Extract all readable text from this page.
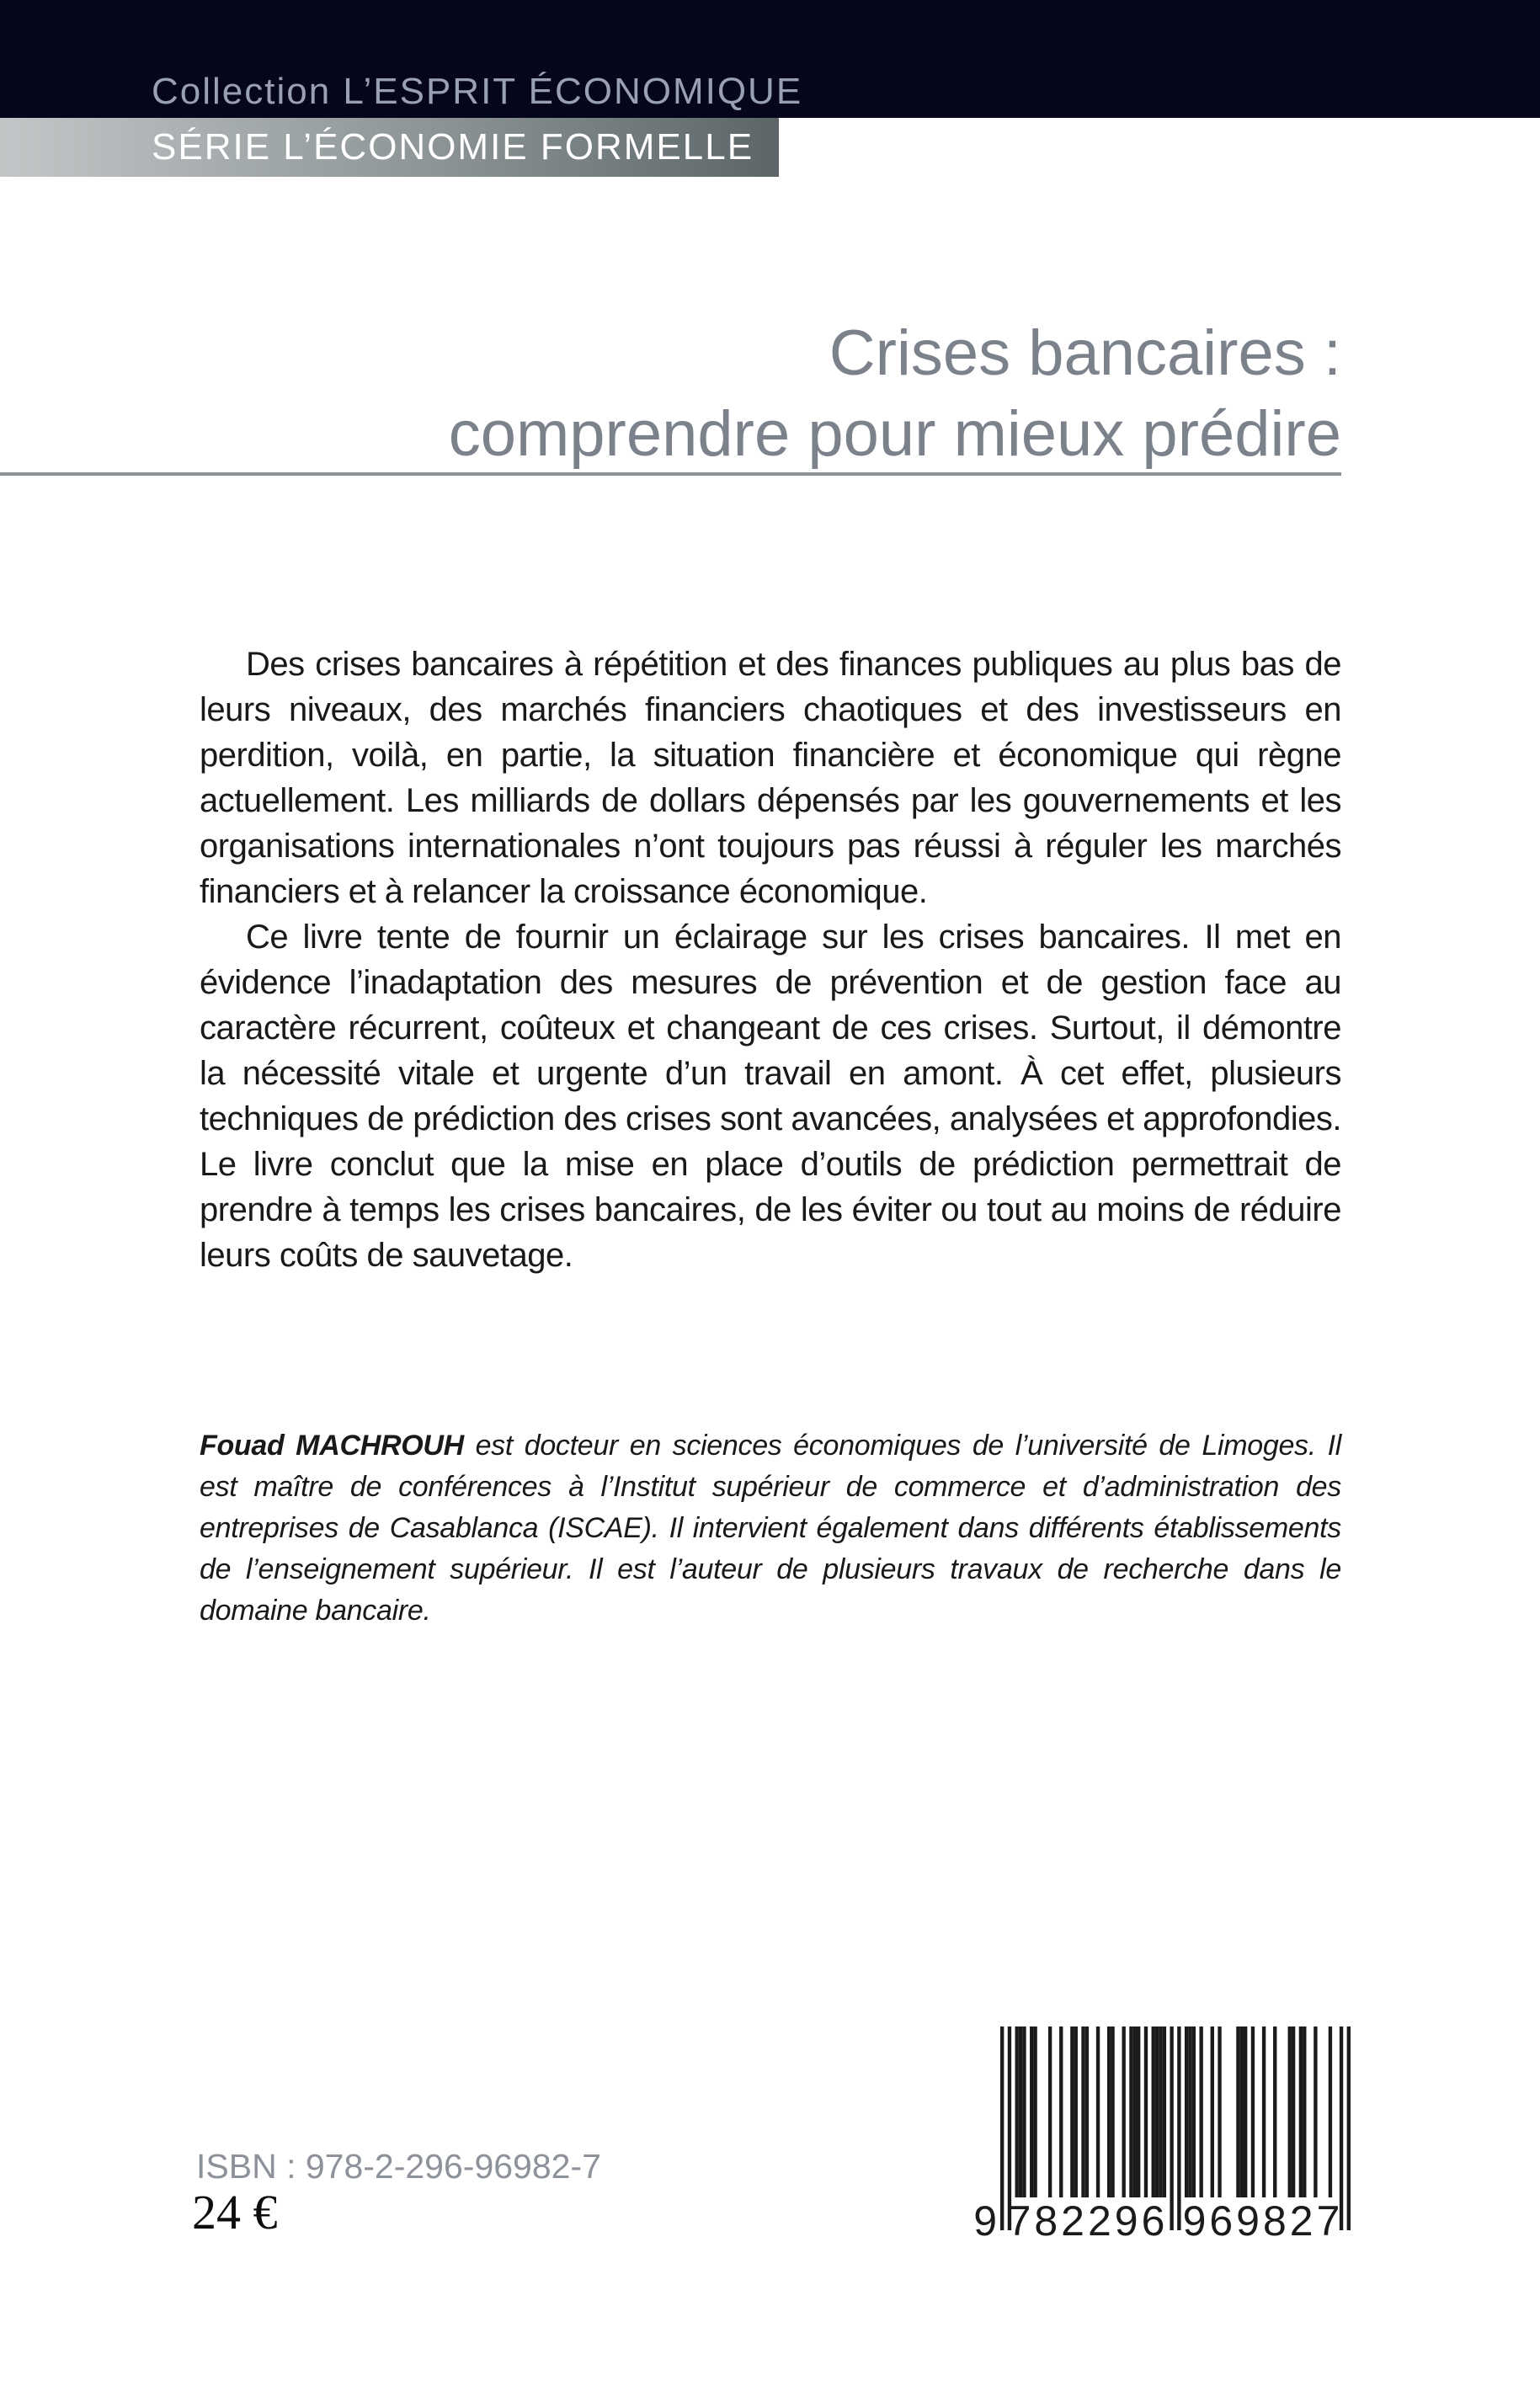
Collection L’ESPRIT ÉCONOMIQUE
SÉRIE L’ÉCONOMIE FORMELLE
Crises bancaires :
comprendre pour mieux prédire

Des crises bancaires à répétition et des finances publiques au plus bas de leurs niveaux, des marchés financiers chaotiques et des investisseurs en perdition, voilà, en partie, la situation financière et économique qui règne actuellement. Les milliards de dollars dépensés par les gouvernements et les organisations internationales n’ont toujours pas réussi à réguler les marchés financiers et à relancer la croissance économique.

Ce livre tente de fournir un éclairage sur les crises bancaires. Il met en évidence l’inadaptation des mesures de prévention et de gestion face au caractère récurrent, coûteux et changeant de ces crises. Surtout, il démontre la nécessité vitale et urgente d’un travail en amont. À cet effet, plusieurs techniques de prédiction des crises sont avancées, analysées et approfondies. Le livre conclut que la mise en place d’outils de prédiction permettrait de prendre à temps les crises bancaires, de les éviter ou tout au moins de réduire leurs coûts de sauvetage.

Fouad MACHROUH est docteur en sciences économiques de l’université de Limoges. Il est maître de conférences à l’Institut supérieur de commerce et d’administration des entreprises de Casablanca (ISCAE). Il intervient également dans différents établissements de l’enseignement supérieur. Il est l’auteur de plusieurs travaux de recherche dans le domaine bancaire.
ISBN : 978-2-296-96982-7
24 €	9 782296 969827
